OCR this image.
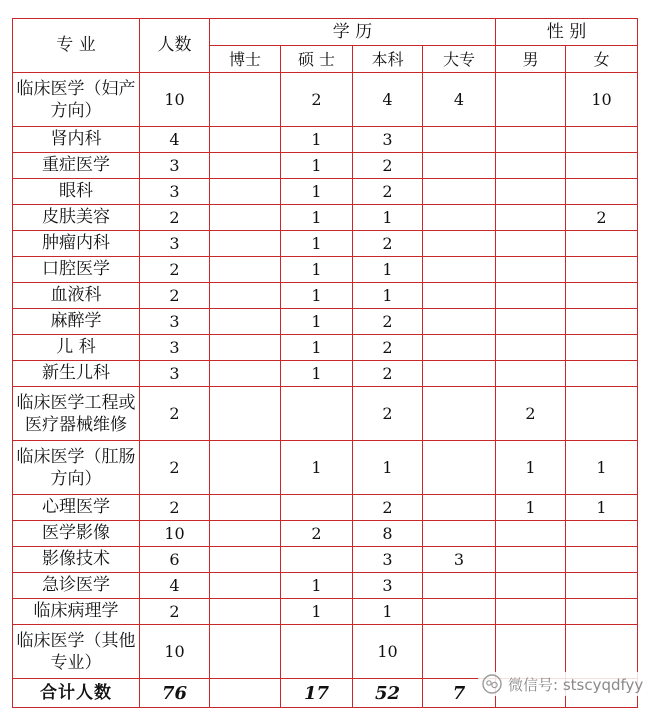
专 业	人数	学 历				性 别	
		博士	硕 士	本科	大专	男	女
临床医学（妇产方向）	10		2	4	4		10
肾内科	4		1	3			
重症医学	3		1	2			
眼科	3		1	2			
皮肤美容	2		1	1			2
肿瘤内科	3		1	2			
口腔医学	2		1	1			
血液科	2		1	1			
麻醉学	3		1	2			
儿 科	3		1	2			
新生儿科	3		1	2			
临床医学工程或医疗器械维修	2			2		2	
临床医学（肛肠方向）	2		1	1		1	1
心理医学	2			2		1	1
医学影像	10		2	8			
影像技术	6			3	3		
急诊医学	4		1	3			
临床病理学	2		1	1			
临床医学（其他专业）	10			10			
合计人数	76		17	52	7			微信号: stscyqdfyy
